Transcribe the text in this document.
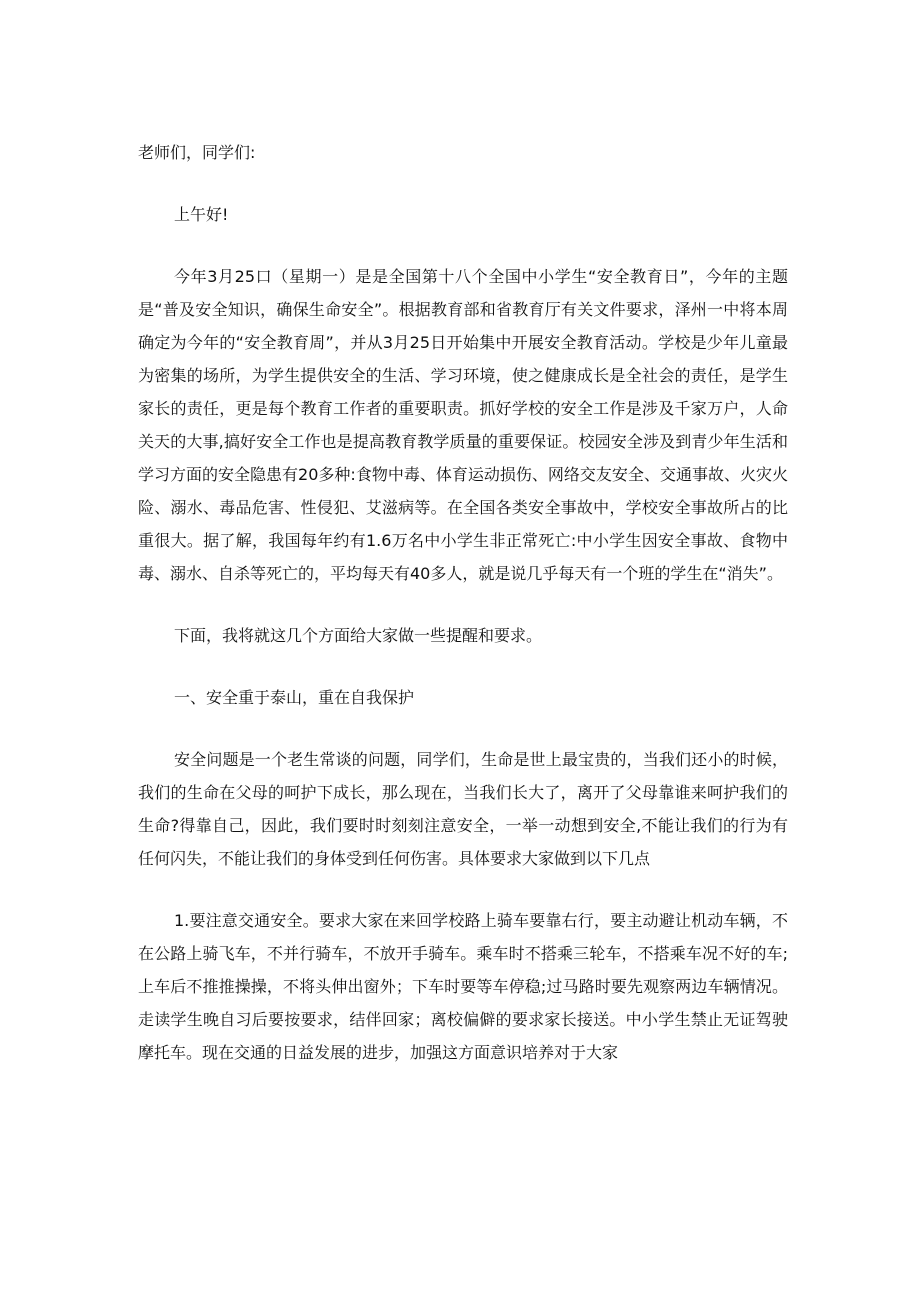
老师们，同学们:

上午好!

今年3月25口（星期一）是是全国第十八个全国中小学生“安全教育日”，今年的主题是“普及安全知识，确保生命安全”。根据教育部和省教育厅有关文件要求，泽州一中将本周确定为今年的“安全教育周”，并从3月25日开始集中开展安全教育活动。学校是少年儿童最为密集的场所，为学生提供安全的生活、学习环境，使之健康成长是全社会的责任，是学生家长的责任，更是每个教育工作者的重要职责。抓好学校的安全工作是涉及千家万户，人命关天的大事,搞好安全工作也是提高教育教学质量的重要保证。校园安全涉及到青少年生活和学习方面的安全隐患有20多种:食物中毒、体育运动损伤、网络交友安全、交通事故、火灾火险、溺水、毒品危害、性侵犯、艾滋病等。在全国各类安全事故中，学校安全事故所占的比重很大。据了解，我国每年约有1.6万名中小学生非正常死亡:中小学生因安全事故、食物中毒、溺水、自杀等死亡的，平均每天有40多人，就是说几乎每天有一个班的学生在“消失”。

下面，我将就这几个方面给大家做一些提醒和要求。

一、安全重于泰山，重在自我保护

安全问题是一个老生常谈的问题，同学们，生命是世上最宝贵的，当我们还小的时候，我们的生命在父母的呵护下成长，那么现在，当我们长大了，离开了父母靠谁来呵护我们的生命?得靠自己，因此，我们要时时刻刻注意安全，一举一动想到安全,不能让我们的行为有任何闪失，不能让我们的身体受到任何伤害。具体要求大家做到以下几点

1.要注意交通安全。要求大家在来回学校路上骑车要靠右行，要主动避让机动车辆，不在公路上骑飞车，不并行骑车，不放开手骑车。乘车时不搭乘三轮车，不搭乘车况不好的车;上车后不推推操操，不将头伸出窗外；下车时要等车停稳;过马路时要先观察两边车辆情况。走读学生晚自习后要按要求，结伴回家；离校偏僻的要求家长接送。中小学生禁止无证驾驶摩托车。现在交通的日益发展的进步，加强这方面意识培养对于大家
